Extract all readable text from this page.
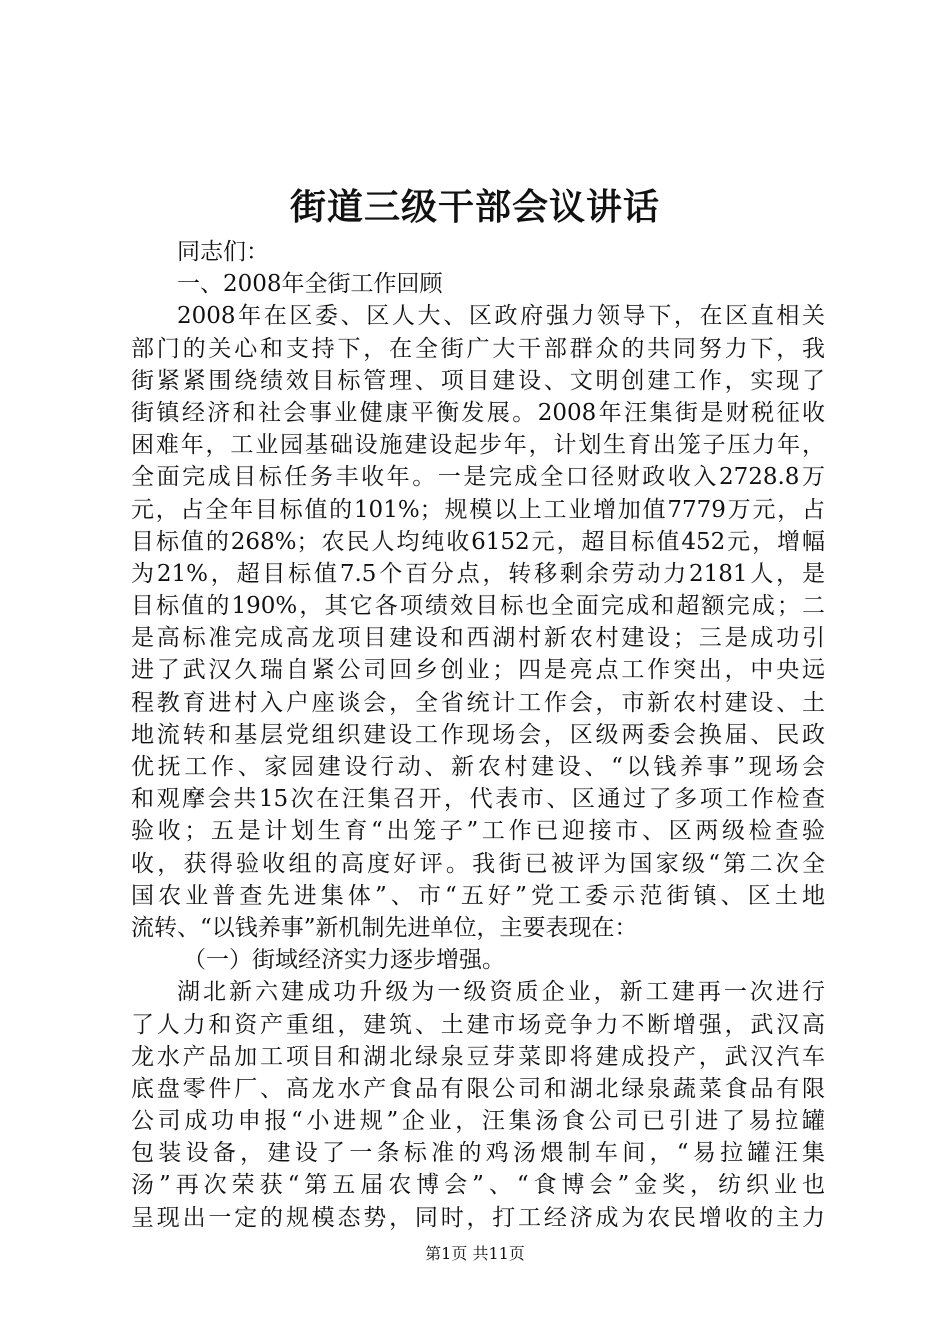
街道三级干部会议讲话
同志们：
一、2008年全街工作回顾
2008年在区委、区人大、区政府强力领导下，在区直相关
部门的关心和支持下，在全街广大干部群众的共同努力下，我
街紧紧围绕绩效目标管理、项目建设、文明创建工作，实现了
街镇经济和社会事业健康平衡发展。2008年汪集街是财税征收
困难年，工业园基础设施建设起步年，计划生育出笼子压力年，
全面完成目标任务丰收年。一是完成全口径财政收入2728.8万
元，占全年目标值的101%；规模以上工业增加值7779万元，占
目标值的268%；农民人均纯收6152元，超目标值452元，增幅
为21%，超目标值7.5个百分点，转移剩余劳动力2181人，是
目标值的190%，其它各项绩效目标也全面完成和超额完成；二
是高标准完成高龙项目建设和西湖村新农村建设；三是成功引
进了武汉久瑞自紧公司回乡创业；四是亮点工作突出，中央远
程教育进村入户座谈会，全省统计工作会，市新农村建设、土
地流转和基层党组织建设工作现场会，区级两委会换届、民政
优抚工作、家园建设行动、新农村建设、“以钱养事”现场会
和观摩会共15次在汪集召开，代表市、区通过了多项工作检查
验收；五是计划生育“出笼子”工作已迎接市、区两级检查验
收，获得验收组的高度好评。我街已被评为国家级“第二次全
国农业普查先进集体”、市“五好”党工委示范街镇、区土地
流转、“以钱养事”新机制先进单位，主要表现在：
（一）街域经济实力逐步增强。
湖北新六建成功升级为一级资质企业，新工建再一次进行
了人力和资产重组，建筑、土建市场竞争力不断增强，武汉高
龙水产品加工项目和湖北绿泉豆芽菜即将建成投产，武汉汽车
底盘零件厂、高龙水产食品有限公司和湖北绿泉蔬菜食品有限
公司成功申报“小进规”企业，汪集汤食公司已引进了易拉罐
包装设备，建设了一条标准的鸡汤煨制车间，“易拉罐汪集
汤”再次荣获“第五届农博会”、“食博会”金奖，纺织业也
呈现出一定的规模态势，同时，打工经济成为农民增收的主力
第1页 共11页
